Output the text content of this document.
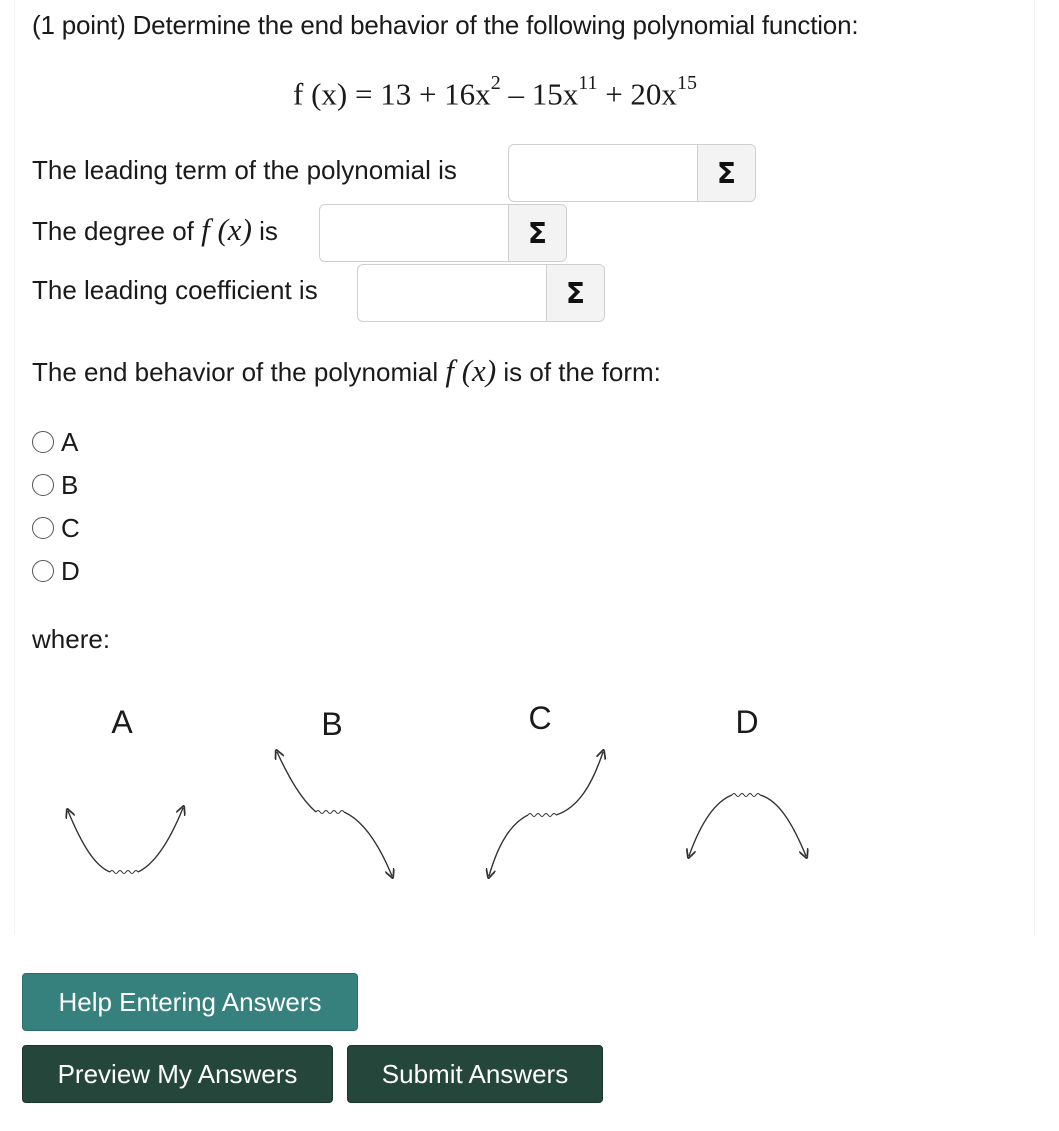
(1 point) Determine the end behavior of the following polynomial function:
f $(x) = 13 + 16x^2 - 15x^{11} + 20x^{15}$
The leading term of the polynomial is	Σ
The degree of f (x) is	Σ
The leading coefficient is	Σ
The end behavior of the polynomial f (x) is of the form:
A
B
C
D
where:
A	B	C	D
Help Entering Answers
Preview My Answers	Submit Answers
